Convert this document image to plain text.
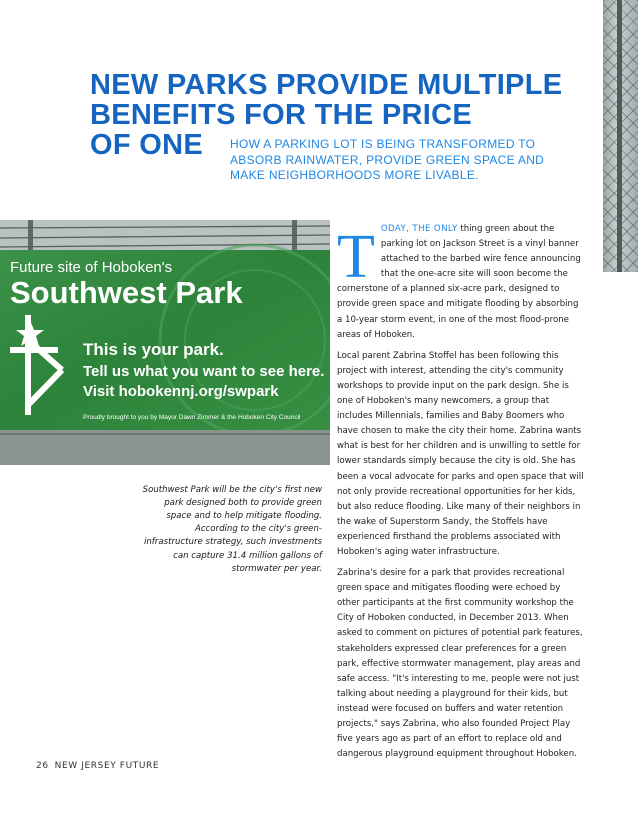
NEW PARKS PROVIDE MULTIPLE
BENEFITS FOR THE PRICE
OF ONE	HOW A PARKING LOT IS BEING TRANSFORMED TO ABSORB RAINWATER, PROVIDE GREEN SPACE AND MAKE NEIGHBORHOODS MORE LIVABLE.

Future site of Hoboken's
Southwest Park
This is your park.
Tell us what you want to see here.
Visit hobokennj.org/swpark
Proudly brought to you by Mayor Dawn Zimmer & the Hoboken City Council

Southwest Park will be the city's first new park designed both to provide green space and to help mitigate flooding. According to the city's green-infrastructure strategy, such investments can capture 31.4 million gallons of stormwater per year.

TODAY, THE ONLY thing green about the parking lot on Jackson Street is a vinyl banner attached to the barbed wire fence announcing that the one-acre site will soon become the cornerstone of a planned six-acre park, designed to provide green space and mitigate flooding by absorbing a 10-year storm event, in one of the most flood-prone areas of Hoboken.

Local parent Zabrina Stoffel has been following this project with interest, attending the city's community workshops to provide input on the park design. She is one of Hoboken's many newcomers, a group that includes Millennials, families and Baby Boomers who have chosen to make the city their home. Zabrina wants what is best for her children and is unwilling to settle for lower standards simply because the city is old. She has been a vocal advocate for parks and open space that will not only provide recreational opportunities for her kids, but also reduce flooding. Like many of their neighbors in the wake of Superstorm Sandy, the Stoffels have experienced firsthand the problems associated with Hoboken's aging water infrastructure.

Zabrina's desire for a park that provides recreational green space and mitigates flooding were echoed by other participants at the first community workshop the City of Hoboken conducted, in December 2013. When asked to comment on pictures of potential park features, stakeholders expressed clear preferences for a green park, effective stormwater management, play areas and safe access. "It's interesting to me, people were not just talking about needing a playground for their kids, but instead were focused on buffers and water retention projects," says Zabrina, who also founded Project Play five years ago as part of an effort to replace old and dangerous playground equipment throughout Hoboken.

26 NEW JERSEY FUTURE
